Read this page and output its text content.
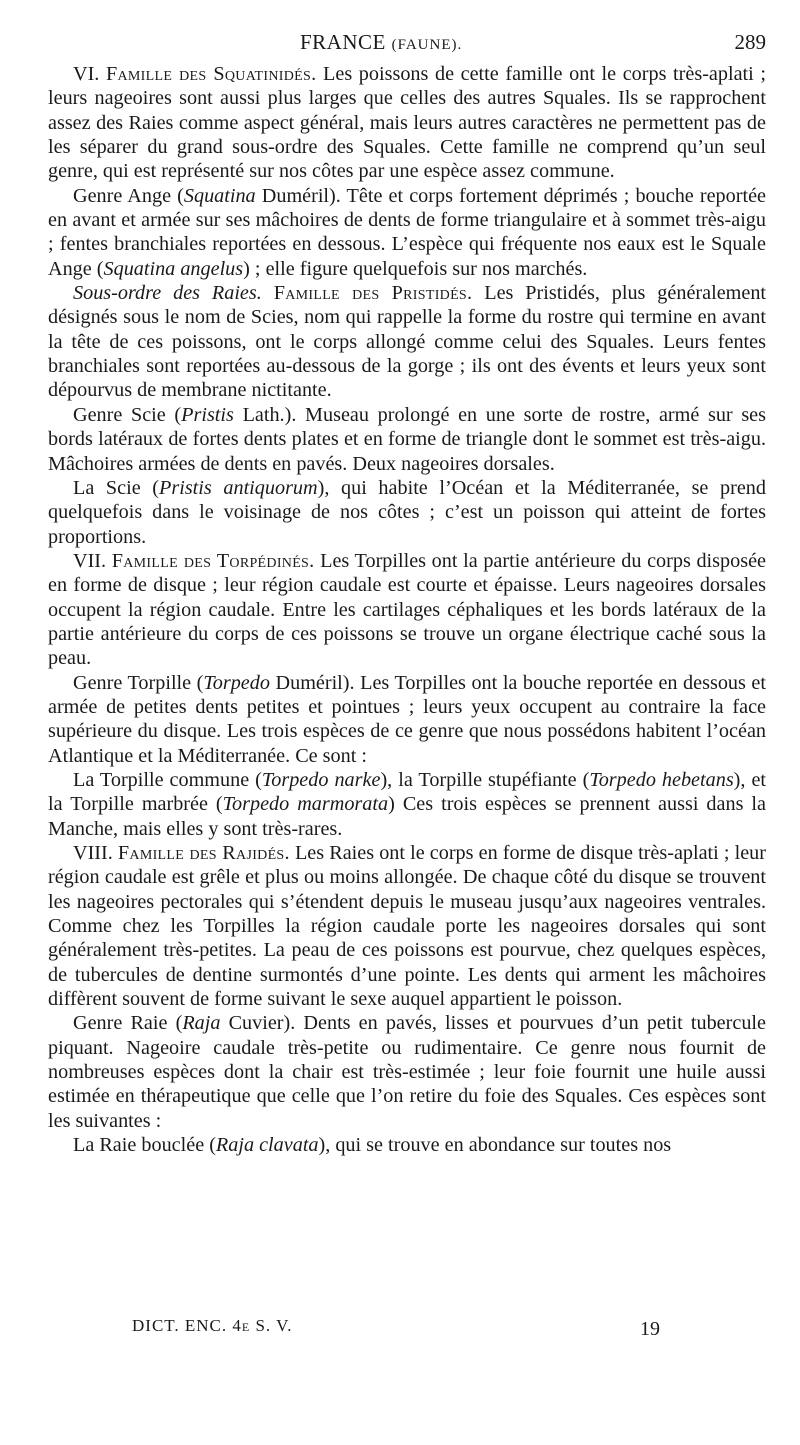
FRANCE (FAUNE).	289

VI. Famille des Squatinidés. Les poissons de cette famille ont le corps très-aplati ; leurs nageoires sont aussi plus larges que celles des autres Squales. Ils se rapprochent assez des Raies comme aspect général, mais leurs autres caractères ne permettent pas de les séparer du grand sous-ordre des Squales. Cette famille ne comprend qu’un seul genre, qui est représenté sur nos côtes par une espèce assez commune.

Genre Ange (Squatina Duméril). Tête et corps fortement déprimés ; bouche reportée en avant et armée sur ses mâchoires de dents de forme triangulaire et à sommet très-aigu ; fentes branchiales reportées en dessous. L’espèce qui fréquente nos eaux est le Squale Ange (Squatina angelus) ; elle figure quelquefois sur nos marchés.

Sous-ordre des Raies. Famille des Pristidés. Les Pristidés, plus généralement désignés sous le nom de Scies, nom qui rappelle la forme du rostre qui termine en avant la tête de ces poissons, ont le corps allongé comme celui des Squales. Leurs fentes branchiales sont reportées au-dessous de la gorge ; ils ont des évents et leurs yeux sont dépourvus de membrane nictitante.

Genre Scie (Pristis Lath.). Museau prolongé en une sorte de rostre, armé sur ses bords latéraux de fortes dents plates et en forme de triangle dont le sommet est très-aigu. Mâchoires armées de dents en pavés. Deux nageoires dorsales.

La Scie (Pristis antiquorum), qui habite l’Océan et la Méditerranée, se prend quelquefois dans le voisinage de nos côtes ; c’est un poisson qui atteint de fortes proportions.

VII. Famille des Torpédinés. Les Torpilles ont la partie antérieure du corps disposée en forme de disque ; leur région caudale est courte et épaisse. Leurs nageoires dorsales occupent la région caudale. Entre les cartilages céphaliques et les bords latéraux de la partie antérieure du corps de ces poissons se trouve un organe électrique caché sous la peau.

Genre Torpille (Torpedo Duméril). Les Torpilles ont la bouche reportée en dessous et armée de petites dents petites et pointues ; leurs yeux occupent au contraire la face supérieure du disque. Les trois espèces de ce genre que nous possédons habitent l’océan Atlantique et la Méditerranée. Ce sont :

La Torpille commune (Torpedo narke), la Torpille stupéfiante (Torpedo hebetans), et la Torpille marbrée (Torpedo marmorata) Ces trois espèces se prennent aussi dans la Manche, mais elles y sont très-rares.

VIII. Famille des Rajidés. Les Raies ont le corps en forme de disque très-aplati ; leur région caudale est grêle et plus ou moins allongée. De chaque côté du disque se trouvent les nageoires pectorales qui s’étendent depuis le museau jusqu’aux nageoires ventrales. Comme chez les Torpilles la région caudale porte les nageoires dorsales qui sont généralement très-petites. La peau de ces poissons est pourvue, chez quelques espèces, de tubercules de dentine surmontés d’une pointe. Les dents qui arment les mâchoires diffèrent souvent de forme suivant le sexe auquel appartient le poisson.

Genre Raie (Raja Cuvier). Dents en pavés, lisses et pourvues d’un petit tubercule piquant. Nageoire caudale très-petite ou rudimentaire. Ce genre nous fournit de nombreuses espèces dont la chair est très-estimée ; leur foie fournit une huile aussi estimée en thérapeutique que celle que l’on retire du foie des Squales. Ces espèces sont les suivantes :

La Raie bouclée (Raja clavata), qui se trouve en abondance sur toutes nos

DICT. ENC. 4e S. V.	19
